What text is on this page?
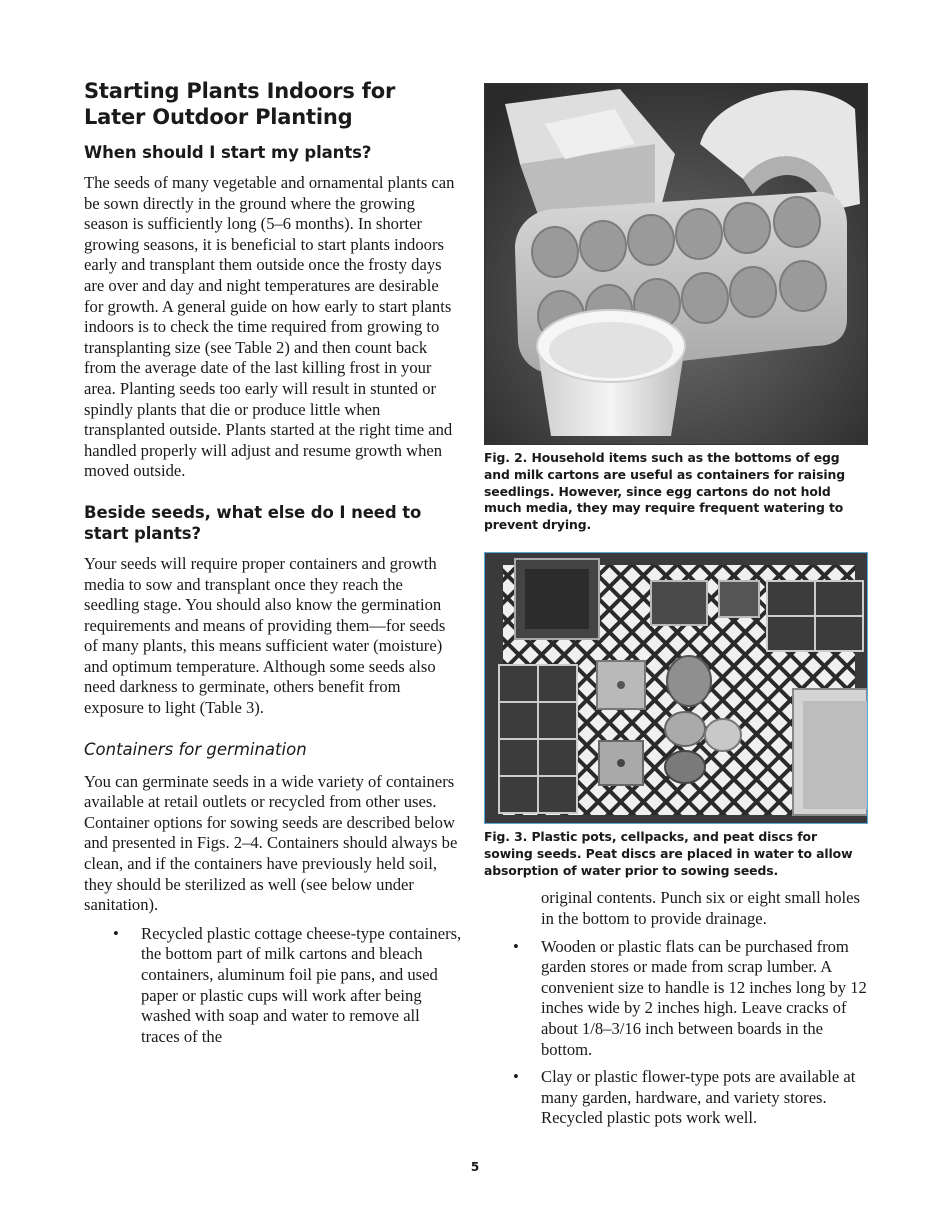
Starting Plants Indoors for Later Outdoor Planting
When should I start my plants?

The seeds of many vegetable and ornamental plants can be sown directly in the ground where the growing season is sufficiently long (5–6 months). In shorter growing seasons, it is beneficial to start plants indoors early and transplant them outside once the frosty days are over and day and night temperatures are desirable for growth. A general guide on how early to start plants indoors is to check the time required from growing to transplanting size (see Table 2) and then count back from the average date of the last killing frost in your area. Planting seeds too early will result in stunted or spindly plants that die or produce little when transplanted outside. Plants started at the right time and handled properly will adjust and resume growth when moved outside.

Beside seeds, what else do I need to start plants?

Your seeds will require proper containers and growth media to sow and transplant once they reach the seedling stage. You should also know the germination requirements and means of providing them—for seeds of many plants, this means sufficient water (moisture) and optimum temperature. Although some seeds also need darkness to germinate, others benefit from exposure to light (Table 3).

Containers for germination

You can germinate seeds in a wide variety of containers available at retail outlets or recycled from other uses. Container options for sowing seeds are described below and presented in Figs. 2–4. Containers should always be clean, and if the containers have previously held soil, they should be sterilized as well (see below under sanitation).

• Recycled plastic cottage cheese-type containers, the bottom part of milk cartons and bleach containers, aluminum foil pie pans, and used paper or plastic cups will work after being washed with soap and water to remove all traces of the

Fig. 2. Household items such as the bottoms of egg and milk cartons are useful as containers for raising seedlings. However, since egg cartons do not hold much media, they may require frequent watering to prevent drying.

Fig. 3. Plastic pots, cellpacks, and peat discs for sowing seeds. Peat discs are placed in water to allow absorption of water prior to sowing seeds.

original contents. Punch six or eight small holes in the bottom to provide drainage.

• Wooden or plastic flats can be purchased from garden stores or made from scrap lumber. A convenient size to handle is 12 inches long by 12 inches wide by 2 inches high. Leave cracks of about 1/8–3/16 inch between boards in the bottom.
• Clay or plastic flower-type pots are available at many garden, hardware, and variety stores. Recycled plastic pots work well.
5
